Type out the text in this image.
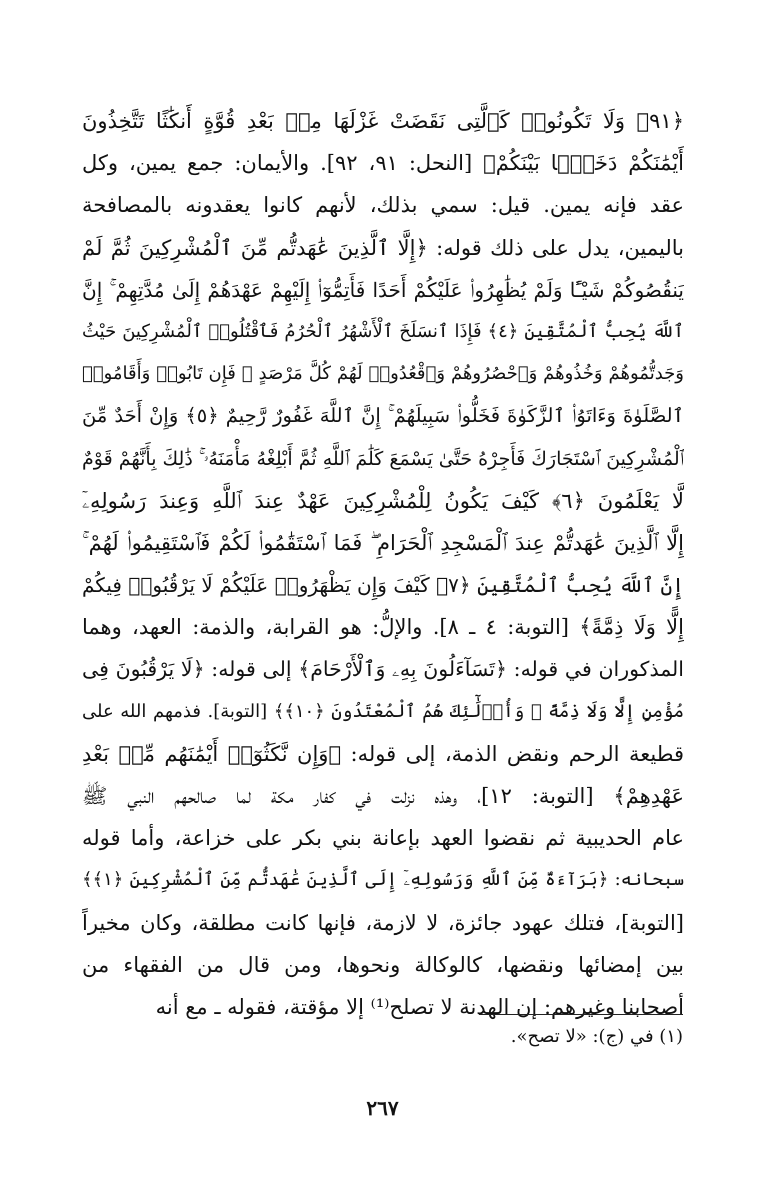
﴿٩١﴾ وَلَا تَكُونُوا۟ كَٱلَّتِى نَقَضَتْ غَزْلَهَا مِنۢ بَعْدِ قُوَّةٍ أَنكَٰثًا تَتَّخِذُونَ
أَيْمَٰنَكُمْ دَخَلًۢا بَيْنَكُمْ﴾ [النحل: ٩١، ٩٢]. والأيمان: جمع يمين، وكل
عقد فإنه يمين. قيل: سمي بذلك، لأنهم كانوا يعقدونه بالمصافحة
باليمين، يدل على ذلك قوله: ﴿إِلَّا ٱلَّذِينَ عَٰهَدتُّم مِّنَ ٱلْمُشْرِكِينَ ثُمَّ لَمْ
يَنقُصُوكُمْ شَيْـًٔا وَلَمْ يُظَٰهِرُوا۟ عَلَيْكُمْ أَحَدًا فَأَتِمُّوٓا۟ إِلَيْهِمْ عَهْدَهُمْ إِلَىٰ مُدَّتِهِمْ ۚ إِنَّ
ٱللَّهَ يُحِبُّ ٱلْمُتَّقِينَ ﴿٤﴾ فَإِذَا ٱنسَلَخَ ٱلْأَشْهُرُ ٱلْحُرُمُ فَٱقْتُلُوا۟ ٱلْمُشْرِكِينَ حَيْثُ
وَجَدتُّمُوهُمْ وَخُذُوهُمْ وَٱحْصُرُوهُمْ وَٱقْعُدُوا۟ لَهُمْ كُلَّ مَرْصَدٍ ۚ فَإِن تَابُوا۟ وَأَقَامُوا۟
ٱلصَّلَوٰةَ وَءَاتَوُا۟ ٱلزَّكَوٰةَ فَخَلُّوا۟ سَبِيلَهُمْ ۚ إِنَّ ٱللَّهَ غَفُورٌ رَّحِيمٌ ﴿٥﴾ وَإِنْ أَحَدٌ مِّنَ
ٱلْمُشْرِكِينَ ٱسْتَجَارَكَ فَأَجِرْهُ حَتَّىٰ يَسْمَعَ كَلَٰمَ ٱللَّهِ ثُمَّ أَبْلِغْهُ مَأْمَنَهُۥ ۚ ذَٰلِكَ بِأَنَّهُمْ قَوْمٌ
لَّا يَعْلَمُونَ ﴿٦﴾ كَيْفَ يَكُونُ لِلْمُشْرِكِينَ عَهْدٌ عِندَ ٱللَّهِ وَعِندَ رَسُولِهِۦٓ
إِلَّا ٱلَّذِينَ عَٰهَدتُّمْ عِندَ ٱلْمَسْجِدِ ٱلْحَرَامِ ۖ فَمَا ٱسْتَقَٰمُوا۟ لَكُمْ فَٱسْتَقِيمُوا۟ لَهُمْ ۚ
إِنَّ ٱللَّهَ يُحِبُّ ٱلْمُتَّقِينَ ﴿٧﴾ كَيْفَ وَإِن يَظْهَرُوا۟ عَلَيْكُمْ لَا يَرْقُبُوا۟ فِيكُمْ
إِلًّا وَلَا ذِمَّةً﴾ [التوبة: ٤ ـ ٨]. والإلُّ: هو القرابة، والذمة: العهد، وهما
المذكوران في قوله: ﴿تَسَآءَلُونَ بِهِۦ وَٱلْأَرْحَامَ﴾ إلى قوله: ﴿لَا يَرْقُبُونَ فِى
مُؤْمِنٍ إِلًّا وَلَا ذِمَّةً ۚ وَأُو۟لَٰٓئِكَ هُمُ ٱلْمُعْتَدُونَ ﴿١٠﴾﴾ [التوبة]. فذمهم الله على
قطيعة الرحم ونقض الذمة، إلى قوله: ﴿وَإِن نَّكَثُوٓا۟ أَيْمَٰنَهُم مِّنۢ بَعْدِ
عَهْدِهِمْ﴾ [التوبة: ١٢]، وهذه نزلت في كفار مكة لما صالحهم النبي ﷺ
عام الحديبية ثم نقضوا العهد بإعانة بني بكر على خزاعة، وأما قوله
سبحانه: ﴿بَرَآءَةٌ مِّنَ ٱللَّهِ وَرَسُولِهِۦٓ إِلَى ٱلَّذِينَ عَٰهَدتُّم مِّنَ ٱلْمُشْرِكِينَ ﴿١﴾﴾
[التوبة]، فتلك عهود جائزة، لا لازمة، فإنها كانت مطلقة، وكان مخيراً
بين إمضائها ونقضها، كالوكالة ونحوها، ومن قال من الفقهاء من
أصحابنا وغيرهم: إن الهدنة لا تصلح⁽¹⁾ إلا مؤقتة، فقوله ـ مع أنه
(١) في (ج): «لا تصح».
٢٦٧
